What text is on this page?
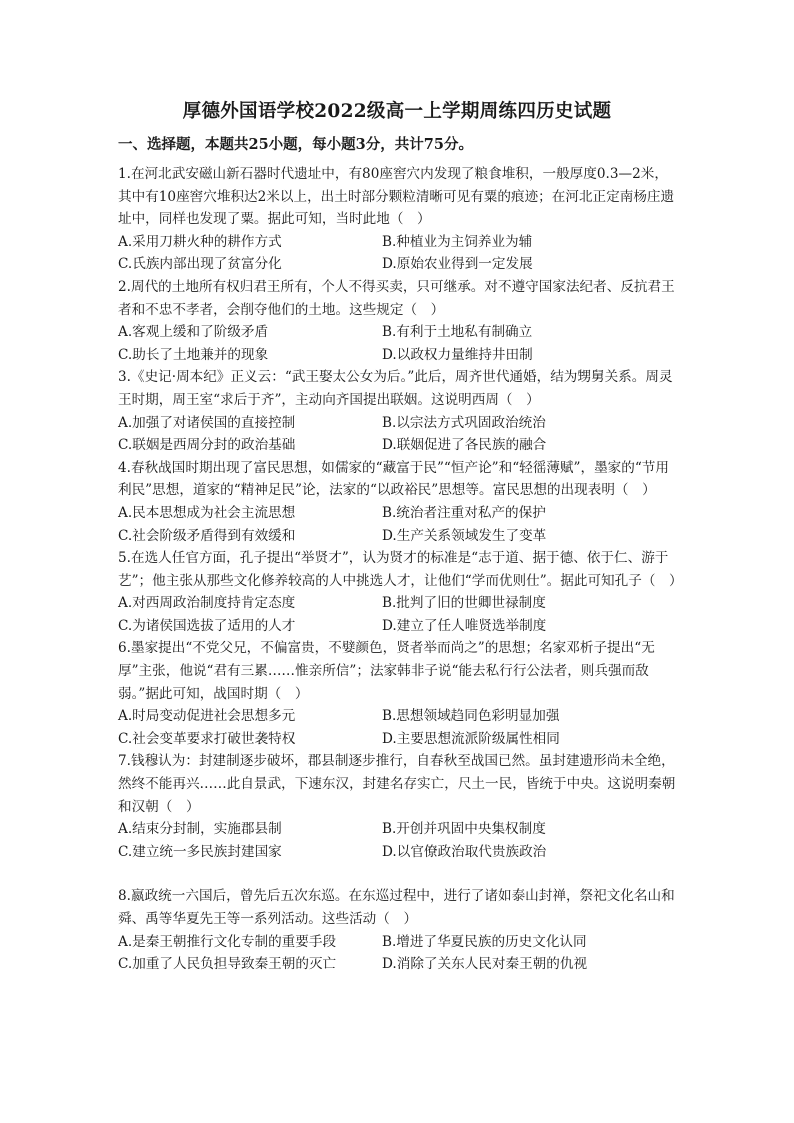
厚德外国语学校2022级高一上学期周练四历史试题
一、选择题，本题共25小题，每小题3分，共计75分。
1.在河北武安磁山新石器时代遗址中，有80座窖穴内发现了粮食堆积，一般厚度0.3—2米，其中有10座窖穴堆积达2米以上，出土时部分颗粒清晰可见有粟的痕迹；在河北正定南杨庄遗址中，同样也发现了粟。据此可知，当时此地（　）
A.采用刀耕火种的耕作方式	B.种植业为主饲养业为辅
C.氏族内部出现了贫富分化	D.原始农业得到一定发展
2.周代的土地所有权归君王所有，个人不得买卖，只可继承。对不遵守国家法纪者、反抗君王者和不忠不孝者，会削夺他们的土地。这些规定（　）
A.客观上缓和了阶级矛盾	B.有利于土地私有制确立
C.助长了土地兼并的现象	D.以政权力量维持井田制
3.《史记·周本纪》正义云：“武王娶太公女为后。”此后，周齐世代通婚，结为甥舅关系。周灵王时期，周王室“求后于齐”，主动向齐国提出联姻。这说明西周（　）
A.加强了对诸侯国的直接控制	B.以宗法方式巩固政治统治
C.联姻是西周分封的政治基础	D.联姻促进了各民族的融合
4.春秋战国时期出现了富民思想，如儒家的“藏富于民”“恒产论”和“轻徭薄赋”，墨家的“节用利民”思想，道家的“精神足民”论，法家的“以政裕民”思想等。富民思想的出现表明（　）
A.民本思想成为社会主流思想	B.统治者注重对私产的保护
C.社会阶级矛盾得到有效缓和	D.生产关系领域发生了变革
5.在选人任官方面，孔子提出“举贤才”，认为贤才的标准是“志于道、据于德、依于仁、游于艺”；他主张从那些文化修养较高的人中挑选人才，让他们“学而优则仕”。据此可知孔子（　）
A.对西周政治制度持肯定态度	B.批判了旧的世卿世禄制度
C.为诸侯国选拔了适用的人才	D.建立了任人唯贤选举制度
6.墨家提出“不党父兄，不偏富贵，不嬖颜色，贤者举而尚之”的思想；名家邓析子提出“无厚”主张，他说“君有三累……惟亲所信”；法家韩非子说“能去私行行公法者，则兵强而敌弱。”据此可知，战国时期（　）
A.时局变动促进社会思想多元	B.思想领域趋同色彩明显加强
C.社会变革要求打破世袭特权	D.主要思想流派阶级属性相同
7.钱穆认为：封建制逐步破坏，郡县制逐步推行，自春秋至战国已然。虽封建遗形尚未全绝，然终不能再兴……此自景武，下速东汉，封建名存实亡，尺土一民，皆统于中央。这说明秦朝和汉朝（　）
A.结束分封制，实施郡县制	B.开创并巩固中央集权制度
C.建立统一多民族封建国家	D.以官僚政治取代贵族政治
8.嬴政统一六国后，曾先后五次东巡。在东巡过程中，进行了诸如泰山封禅，祭祀文化名山和舜、禹等华夏先王等一系列活动。这些活动（　）
A.是秦王朝推行文化专制的重要手段	B.增进了华夏民族的历史文化认同
C.加重了人民负担导致秦王朝的灭亡	D.消除了关东人民对秦王朝的仇视
